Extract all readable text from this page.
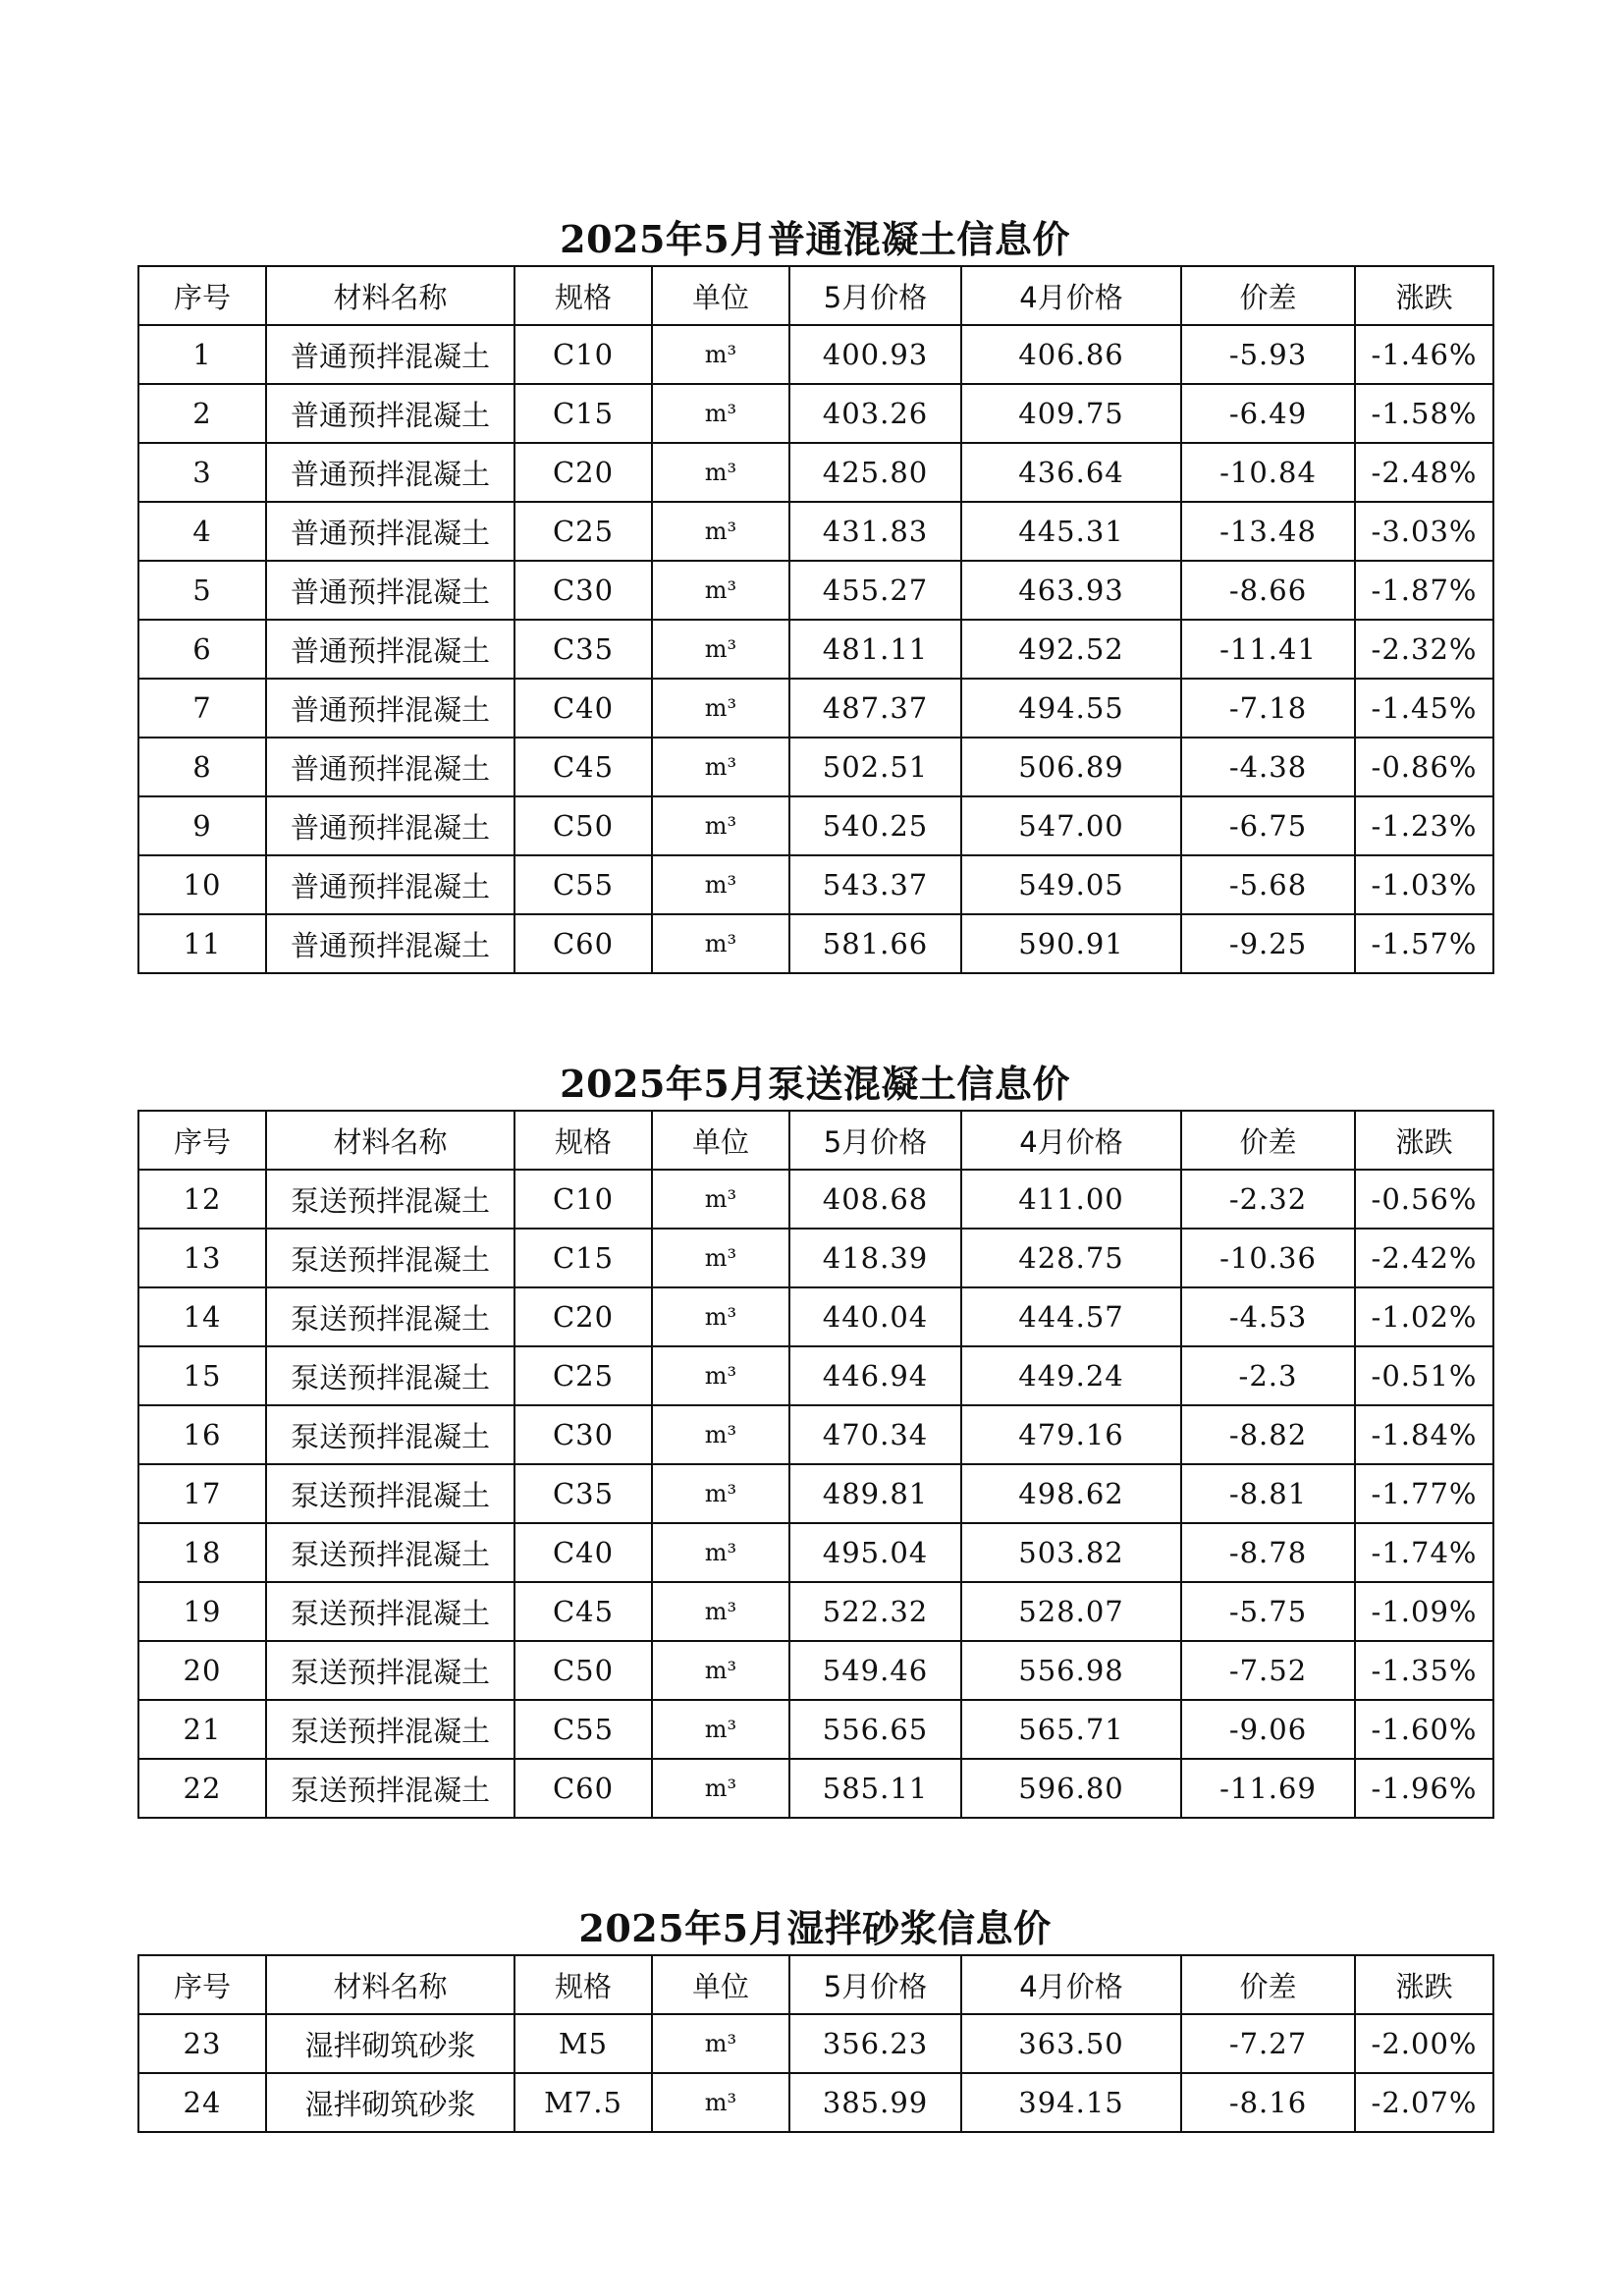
2025年5月普通混凝土信息价
序号	材料名称	规格	单位	5月价格	4月价格	价差	涨跌
1	普通预拌混凝土	C10	m³	400.93	406.86	-5.93	-1.46%
2	普通预拌混凝土	C15	m³	403.26	409.75	-6.49	-1.58%
3	普通预拌混凝土	C20	m³	425.80	436.64	-10.84	-2.48%
4	普通预拌混凝土	C25	m³	431.83	445.31	-13.48	-3.03%
5	普通预拌混凝土	C30	m³	455.27	463.93	-8.66	-1.87%
6	普通预拌混凝土	C35	m³	481.11	492.52	-11.41	-2.32%
7	普通预拌混凝土	C40	m³	487.37	494.55	-7.18	-1.45%
8	普通预拌混凝土	C45	m³	502.51	506.89	-4.38	-0.86%
9	普通预拌混凝土	C50	m³	540.25	547.00	-6.75	-1.23%
10	普通预拌混凝土	C55	m³	543.37	549.05	-5.68	-1.03%
11	普通预拌混凝土	C60	m³	581.66	590.91	-9.25	-1.57%
2025年5月泵送混凝土信息价
序号	材料名称	规格	单位	5月价格	4月价格	价差	涨跌
12	泵送预拌混凝土	C10	m³	408.68	411.00	-2.32	-0.56%
13	泵送预拌混凝土	C15	m³	418.39	428.75	-10.36	-2.42%
14	泵送预拌混凝土	C20	m³	440.04	444.57	-4.53	-1.02%
15	泵送预拌混凝土	C25	m³	446.94	449.24	-2.3	-0.51%
16	泵送预拌混凝土	C30	m³	470.34	479.16	-8.82	-1.84%
17	泵送预拌混凝土	C35	m³	489.81	498.62	-8.81	-1.77%
18	泵送预拌混凝土	C40	m³	495.04	503.82	-8.78	-1.74%
19	泵送预拌混凝土	C45	m³	522.32	528.07	-5.75	-1.09%
20	泵送预拌混凝土	C50	m³	549.46	556.98	-7.52	-1.35%
21	泵送预拌混凝土	C55	m³	556.65	565.71	-9.06	-1.60%
22	泵送预拌混凝土	C60	m³	585.11	596.80	-11.69	-1.96%
2025年5月湿拌砂浆信息价
序号	材料名称	规格	单位	5月价格	4月价格	价差	涨跌
23	湿拌砌筑砂浆	M5	m³	356.23	363.50	-7.27	-2.00%
24	湿拌砌筑砂浆	M7.5	m³	385.99	394.15	-8.16	-2.07%
